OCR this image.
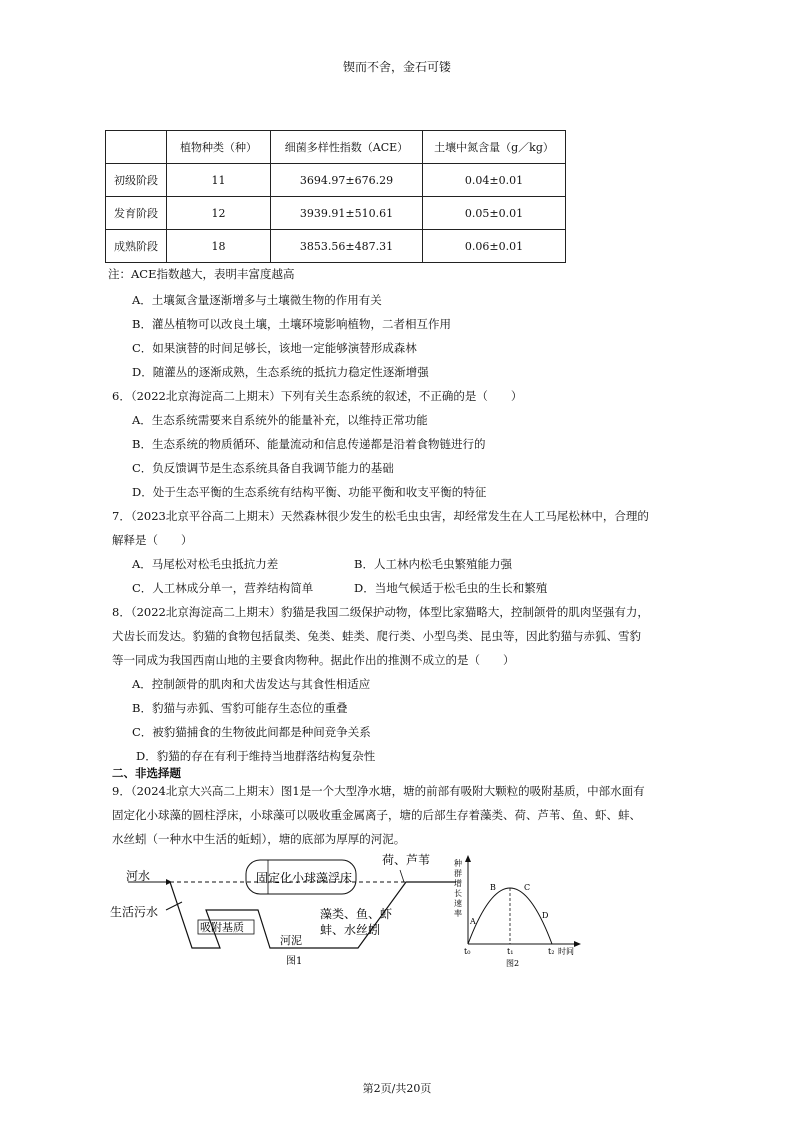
锲而不舍，金石可镂
	植物种类（种）	细菌多样性指数（ACE）	土壤中氮含量（g／kg）
初级阶段	11	3694.97±676.29	0.04±0.01
发育阶段	12	3939.91±510.61	0.05±0.01
成熟阶段	18	3853.56±487.31	0.06±0.01
注：ACE指数越大，表明丰富度越高
A．土壤氮含量逐渐增多与土壤微生物的作用有关
B．灌丛植物可以改良土壤，土壤环境影响植物，二者相互作用
C．如果演替的时间足够长，该地一定能够演替形成森林
D．随灌丛的逐渐成熟，生态系统的抵抗力稳定性逐渐增强
6．（2022北京海淀高二上期末）下列有关生态系统的叙述，不正确的是（　　）
A．生态系统需要来自系统外的能量补充，以维持正常功能
B．生态系统的物质循环、能量流动和信息传递都是沿着食物链进行的
C．负反馈调节是生态系统具备自我调节能力的基础
D．处于生态平衡的生态系统有结构平衡、功能平衡和收支平衡的特征
7．（2023北京平谷高二上期末）天然森林很少发生的松毛虫虫害，却经常发生在人工马尾松林中，合理的
解释是（　　）
A．马尾松对松毛虫抵抗力差	B．人工林内松毛虫繁殖能力强
C．人工林成分单一，营养结构简单	D．当地气候适于松毛虫的生长和繁殖
8．（2022北京海淀高二上期末）豹猫是我国二级保护动物，体型比家猫略大，控制颌骨的肌肉坚强有力，
犬齿长而发达。豹猫的食物包括鼠类、兔类、蛙类、爬行类、小型鸟类、昆虫等，因此豹猫与赤狐、雪豹
等一同成为我国西南山地的主要食肉物种。据此作出的推测不成立的是（　　）
A．控制颌骨的肌肉和犬齿发达与其食性相适应
B．豹猫与赤狐、雪豹可能存生态位的重叠
C．被豹猫捕食的生物彼此间都是种间竞争关系
D．豹猫的存在有利于维持当地群落结构复杂性
二、非选择题
9．（2024北京大兴高二上期末）图1是一个大型净水塘，塘的前部有吸附大颗粒的吸附基质，中部水面有
固定化小球藻的圆柱浮床，小球藻可以吸收重金属离子，塘的后部生存着藻类、荷、芦苇、鱼、虾、蚌、
水丝蚓（一种水中生活的蚯蚓），塘的底部为厚厚的河泥。
河水
生活污水
固定化小球藻浮床
荷、芦苇
藻类、鱼、虾
蚌、水丝蚓
吸附基质
河泥
图1
种
群
增
长
速
率
A
B	C
D
t₀	t₁	t₂ 时间
图2
第2页/共20页
